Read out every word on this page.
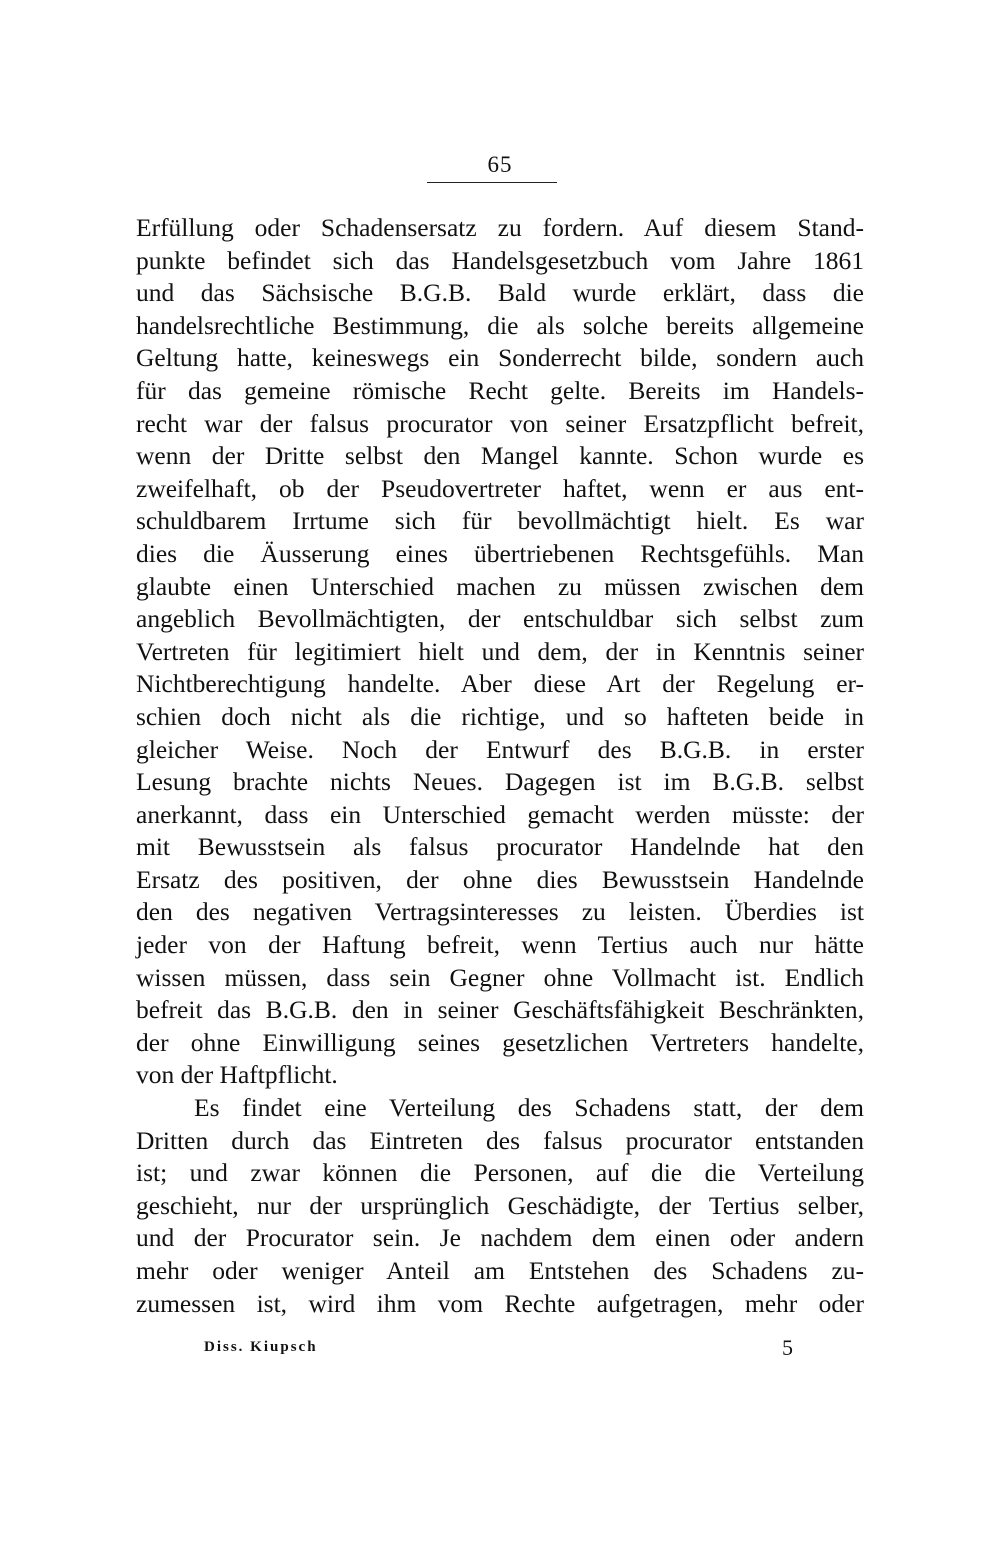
65
Erfüllung oder Schadensersatz zu fordern. Auf diesem Stand-
punkte befindet sich das Handelsgesetzbuch vom Jahre 1861
und das Sächsische B.G.B. Bald wurde erklärt, dass die
handelsrechtliche Bestimmung, die als solche bereits allgemeine
Geltung hatte, keineswegs ein Sonderrecht bilde, sondern auch
für das gemeine römische Recht gelte. Bereits im Handels-
recht war der falsus procurator von seiner Ersatzpflicht befreit,
wenn der Dritte selbst den Mangel kannte. Schon wurde es
zweifelhaft, ob der Pseudovertreter haftet, wenn er aus ent-
schuldbarem Irrtume sich für bevollmächtigt hielt. Es war
dies die Äusserung eines übertriebenen Rechtsgefühls. Man
glaubte einen Unterschied machen zu müssen zwischen dem
angeblich Bevollmächtigten, der entschuldbar sich selbst zum
Vertreten für legitimiert hielt und dem, der in Kenntnis seiner
Nichtberechtigung handelte. Aber diese Art der Regelung er-
schien doch nicht als die richtige, und so hafteten beide in
gleicher Weise. Noch der Entwurf des B.G.B. in erster
Lesung brachte nichts Neues. Dagegen ist im B.G.B. selbst
anerkannt, dass ein Unterschied gemacht werden müsste: der
mit Bewusstsein als falsus procurator Handelnde hat den
Ersatz des positiven, der ohne dies Bewusstsein Handelnde
den des negativen Vertragsinteresses zu leisten. Überdies ist
jeder von der Haftung befreit, wenn Tertius auch nur hätte
wissen müssen, dass sein Gegner ohne Vollmacht ist. Endlich
befreit das B.G.B. den in seiner Geschäftsfähigkeit Beschränkten,
der ohne Einwilligung seines gesetzlichen Vertreters handelte,
von der Haftpflicht.
Es findet eine Verteilung des Schadens statt, der dem
Dritten durch das Eintreten des falsus procurator entstanden
ist; und zwar können die Personen, auf die die Verteilung
geschieht, nur der ursprünglich Geschädigte, der Tertius selber,
und der Procurator sein. Je nachdem dem einen oder andern
mehr oder weniger Anteil am Entstehen des Schadens zu-
zumessen ist, wird ihm vom Rechte aufgetragen, mehr oder
Diss. Kiupsch	5
